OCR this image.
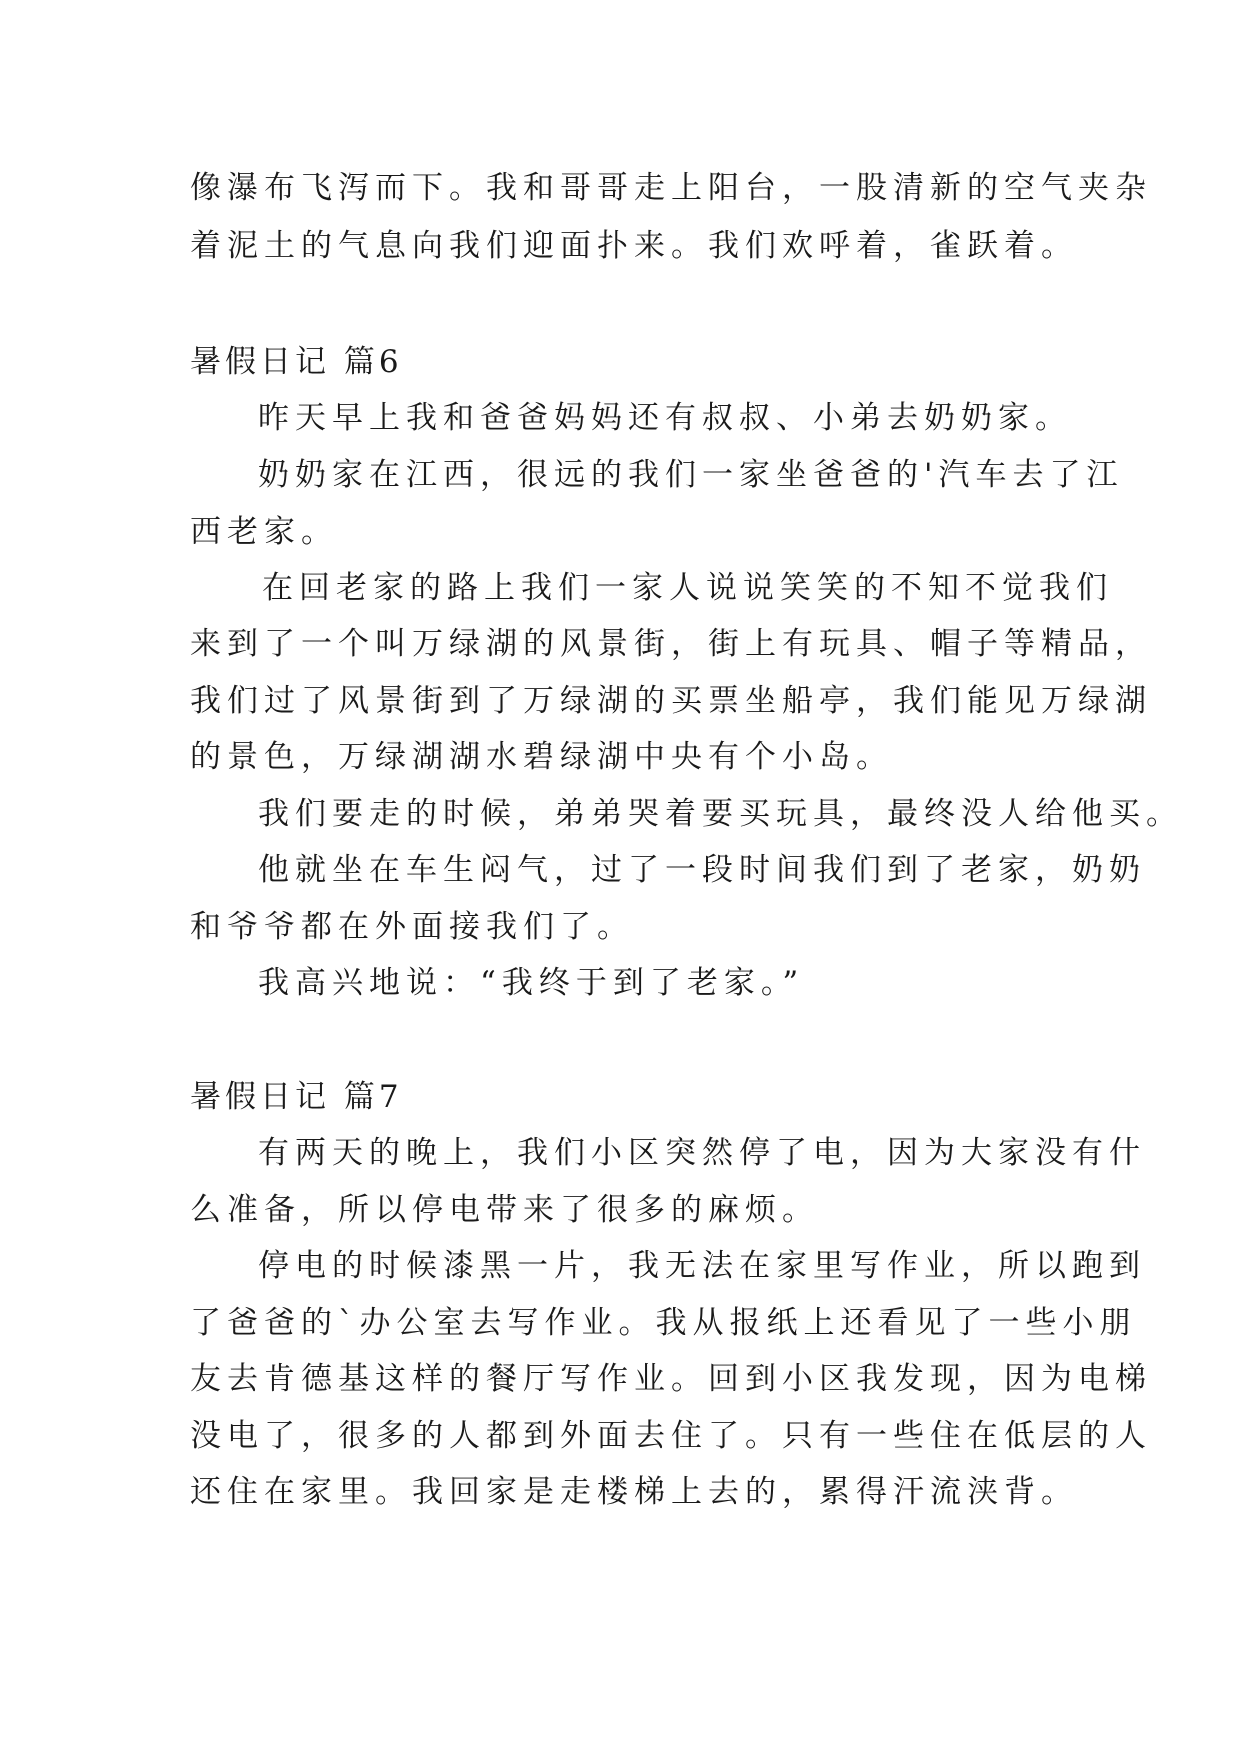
像瀑布飞泻而下。我和哥哥走上阳台，一股清新的空气夹杂
着泥土的气息向我们迎面扑来。我们欢呼着，雀跃着。
暑假日记 篇6
昨天早上我和爸爸妈妈还有叔叔、小弟去奶奶家。
奶奶家在江西，很远的我们一家坐爸爸的'汽车去了江
西老家。
在回老家的路上我们一家人说说笑笑的不知不觉我们
来到了一个叫万绿湖的风景街，街上有玩具、帽子等精品，
我们过了风景街到了万绿湖的买票坐船亭，我们能见万绿湖
的景色，万绿湖湖水碧绿湖中央有个小岛。
我们要走的时候，弟弟哭着要买玩具，最终没人给他买。
他就坐在车生闷气，过了一段时间我们到了老家，奶奶
和爷爷都在外面接我们了。
我高兴地说：“我终于到了老家。”
暑假日记 篇7
有两天的晚上，我们小区突然停了电，因为大家没有什
么准备，所以停电带来了很多的麻烦。
停电的时候漆黑一片，我无法在家里写作业，所以跑到
了爸爸的`办公室去写作业。我从报纸上还看见了一些小朋
友去肯德基这样的餐厅写作业。回到小区我发现，因为电梯
没电了，很多的人都到外面去住了。只有一些住在低层的人
还住在家里。我回家是走楼梯上去的，累得汗流浃背。
